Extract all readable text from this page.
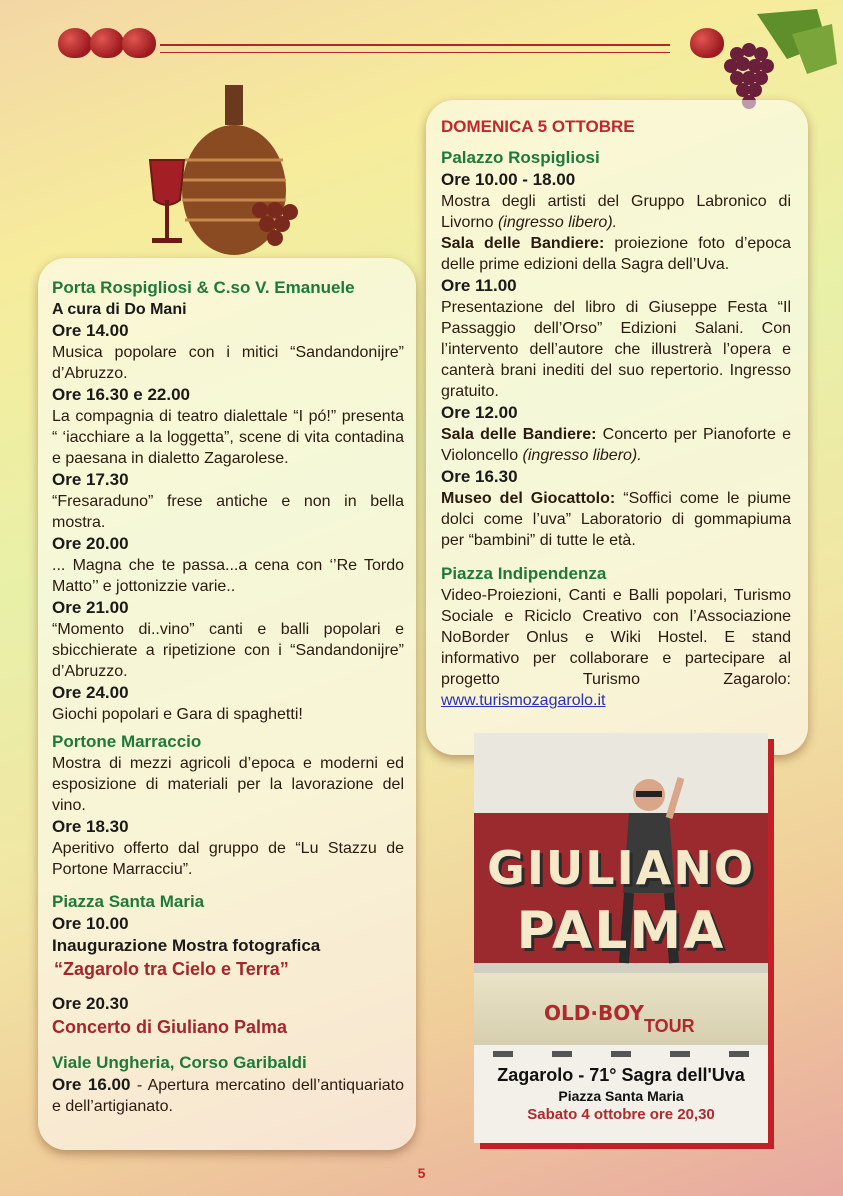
Porta Rospigliosi & C.so V. Emanuele
A cura di Do Mani
Ore 14.00
Musica popolare con i mitici “Sandandonijre” d’Abruzzo.
Ore 16.30 e 22.00
La compagnia di teatro dialettale “I pó!” presenta “ ‘iacchiare a la loggetta”, scene di vita contadina e paesana in dialetto Zagarolese.
Ore 17.30
“Fresaraduno” frese antiche e non in bella mostra.
Ore 20.00
... Magna che te passa...a cena con ‘’Re Tordo Matto’’ e jottonizzie varie..
Ore 21.00
“Momento di..vino” canti e balli popolari e sbicchierate a ripetizione con i “Sandandonijre” d’Abruzzo.
Ore 24.00
Giochi popolari e Gara di spaghetti!
Portone Marraccio
Mostra di mezzi agricoli d’epoca e moderni ed esposizione di materiali per la lavorazione del vino.
Ore 18.30
Aperitivo offerto dal gruppo de “Lu Stazzu de Portone Marracciu”.
Piazza Santa Maria
Ore 10.00
Inaugurazione Mostra fotografica
“Zagarolo tra Cielo e Terra”
Ore 20.30
Concerto di Giuliano Palma
Viale Ungheria, Corso Garibaldi
Ore 16.00 - Apertura mercatino dell’antiquariato e dell’artigianato.
DOMENICA 5 OTTOBRE
Palazzo Rospigliosi
Ore 10.00 - 18.00
Mostra degli artisti del Gruppo Labronico di Livorno (ingresso libero).
Sala delle Bandiere: proiezione foto d’epoca delle prime edizioni della Sagra dell’Uva.
Ore 11.00
Presentazione del libro di Giuseppe Festa “Il Passaggio dell’Orso” Edizioni Salani. Con l’intervento dell’autore che illustrerà l’opera e canterà brani inediti del suo repertorio. Ingresso gratuito.
Ore 12.00
Sala delle Bandiere: Concerto per Pianoforte e Violoncello (ingresso libero).
Ore 16.30
Museo del Giocattolo: “Soffici come le piume dolci come l’uva” Laboratorio di gommapiuma per “bambini” di tutte le età.
Piazza Indipendenza
Video-Proiezioni, Canti e Balli popolari, Turismo Sociale e Riciclo Creativo con l’Associazione NoBorder Onlus e Wiki Hostel. E stand informativo per collaborare e partecipare al progetto Turismo Zagarolo: www.turismozagarolo.it
GIULIANO
PALMA
OLD·BOY
TOUR
Zagarolo - 71° Sagra dell'Uva
Piazza Santa Maria
Sabato 4 ottobre ore 20,30
5
